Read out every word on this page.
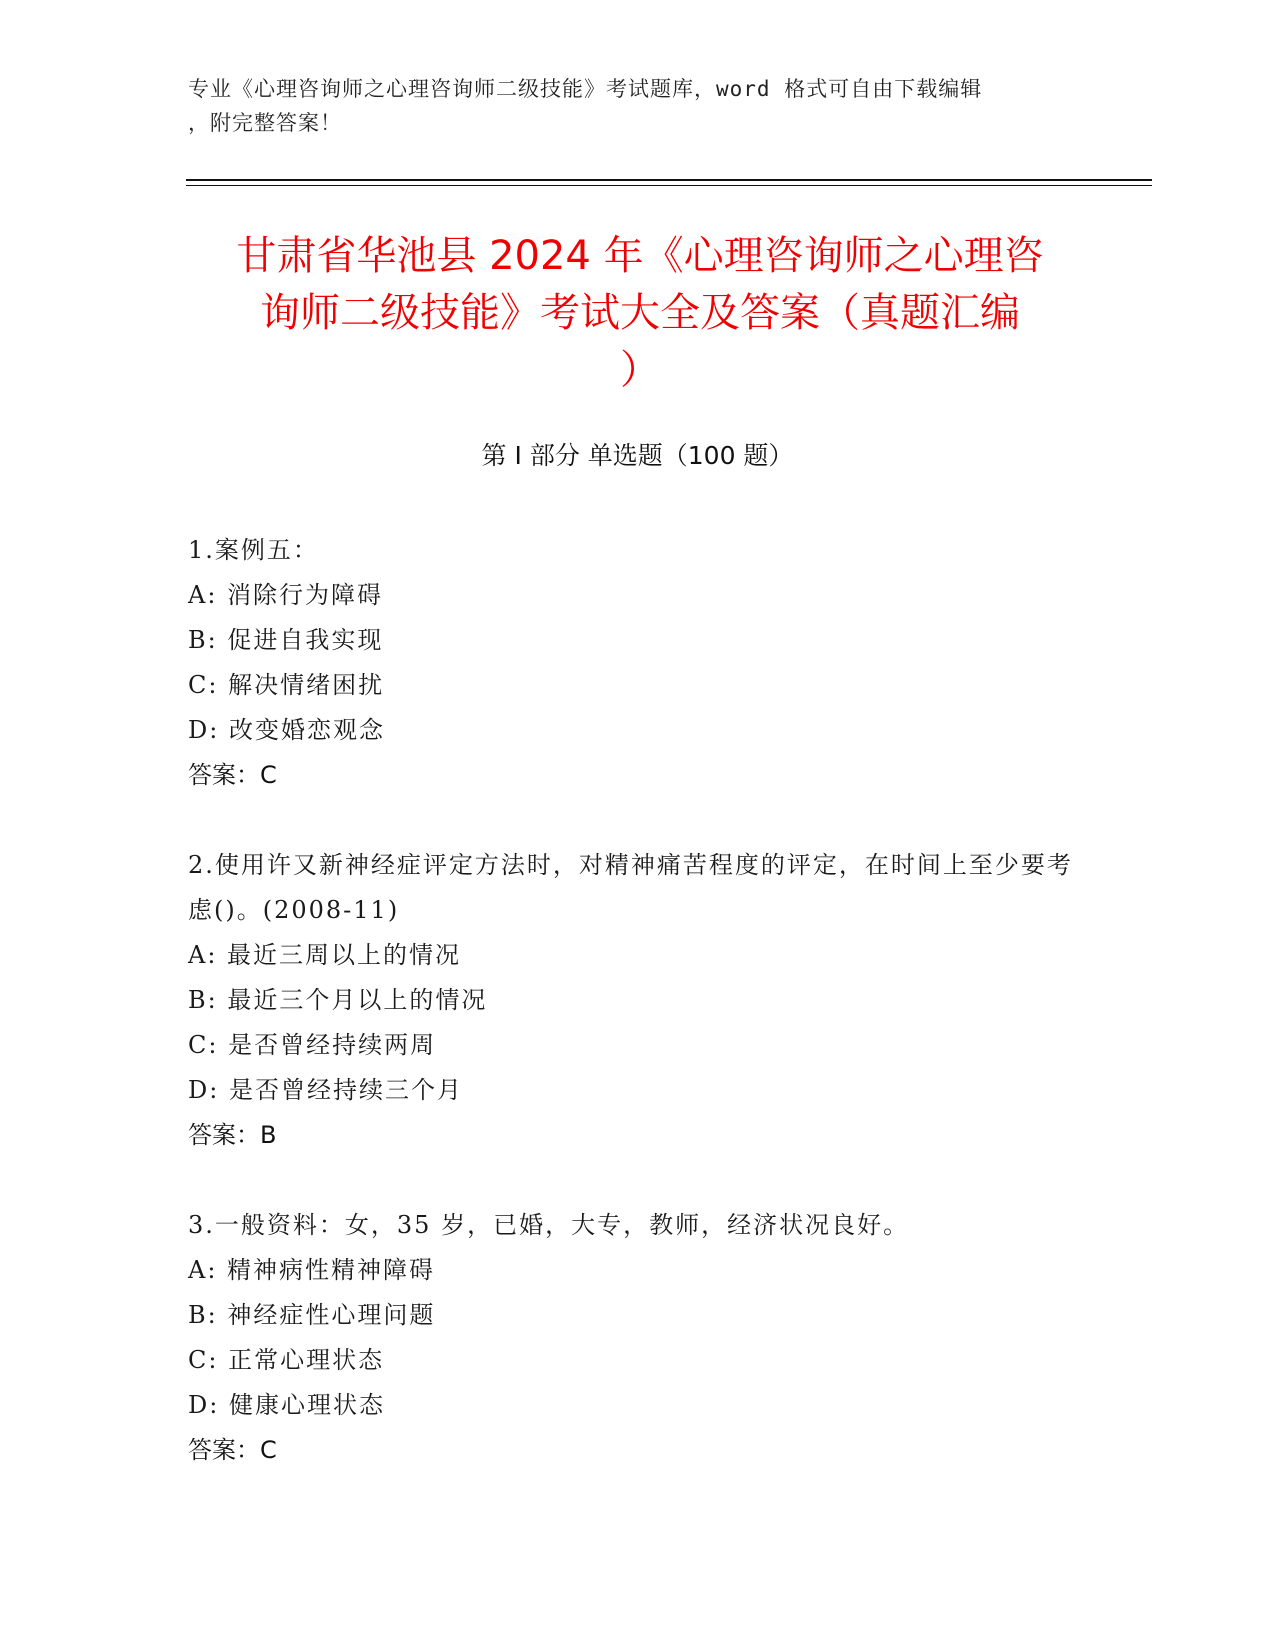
专业《心理咨询师之心理咨询师二级技能》考试题库，word 格式可自由下载编辑
，附完整答案！
甘肃省华池县 2024 年《心理咨询师之心理咨
询师二级技能》考试大全及答案（真题汇编
）
第 I 部分 单选题（100 题）
1.案例五：
A: 消除行为障碍
B: 促进自我实现
C: 解决情绪困扰
D: 改变婚恋观念
答案：C
2.使用许又新神经症评定方法时，对精神痛苦程度的评定，在时间上至少要考虑()。(2008-11)
A: 最近三周以上的情况
B: 最近三个月以上的情况
C: 是否曾经持续两周
D: 是否曾经持续三个月
答案：B
3.一般资料：女，35 岁，已婚，大专，教师，经济状况良好。
A: 精神病性精神障碍
B: 神经症性心理问题
C: 正常心理状态
D: 健康心理状态
答案：C
